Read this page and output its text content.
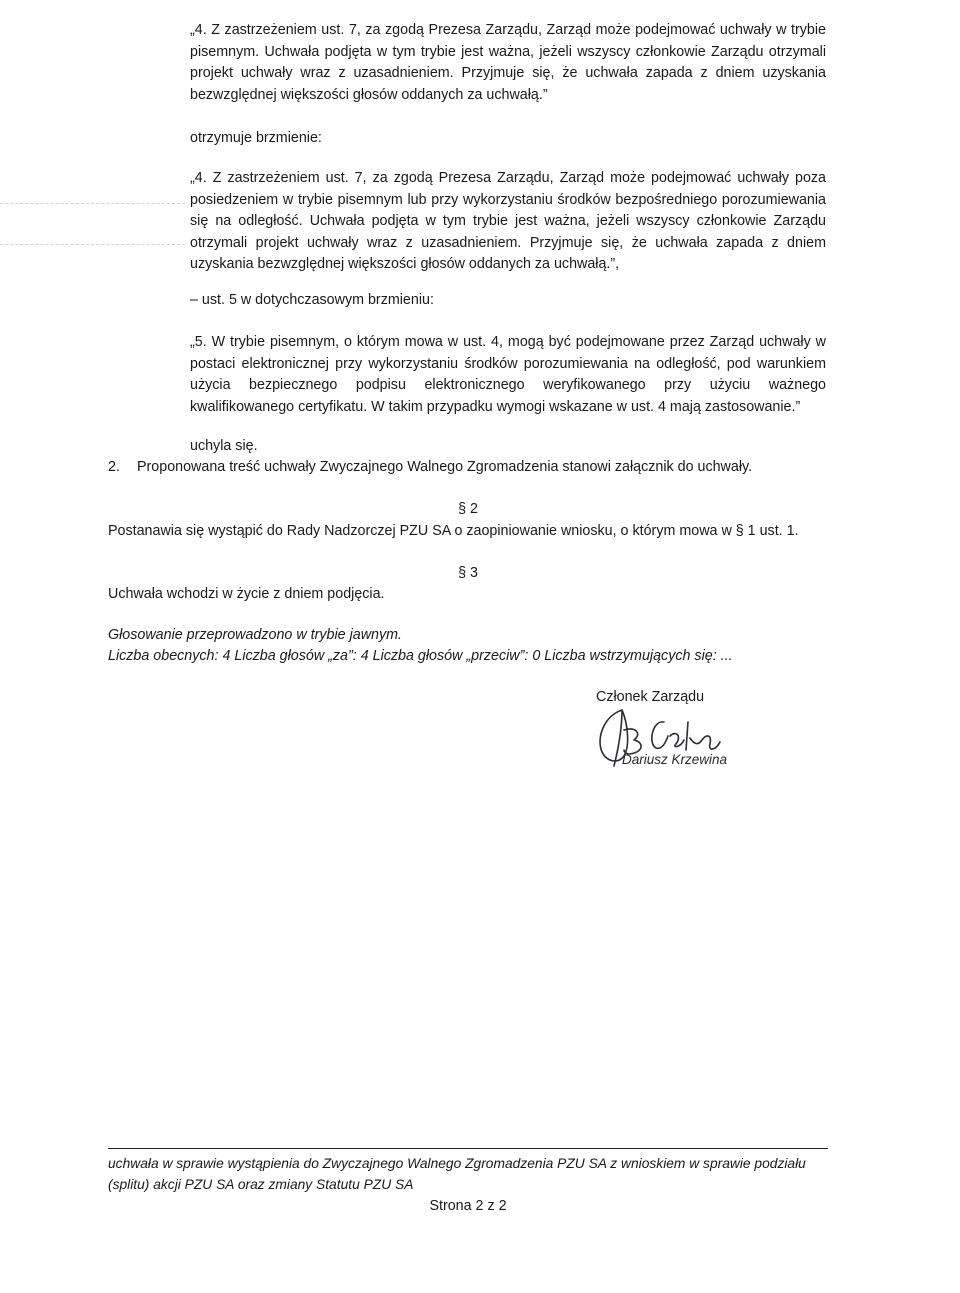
„4. Z zastrzeżeniem ust. 7, za zgodą Prezesa Zarządu, Zarząd może podejmować uchwały w trybie pisemnym. Uchwała podjęta w tym trybie jest ważna, jeżeli wszyscy członkowie Zarządu otrzymali projekt uchwały wraz z uzasadnieniem. Przyjmuje się, że uchwała zapada z dniem uzyskania bezwzględnej większości głosów oddanych za uchwałą.”

otrzymuje brzmienie:

„4. Z zastrzeżeniem ust. 7, za zgodą Prezesa Zarządu, Zarząd może podejmować uchwały poza posiedzeniem w trybie pisemnym lub przy wykorzystaniu środków bezpośredniego porozumiewania się na odległość. Uchwała podjęta w tym trybie jest ważna, jeżeli wszyscy członkowie Zarządu otrzymali projekt uchwały wraz z uzasadnieniem. Przyjmuje się, że uchwała zapada z dniem uzyskania bezwzględnej większości głosów oddanych za uchwałą.”,

– ust. 5 w dotychczasowym brzmieniu:

„5. W trybie pisemnym, o którym mowa w ust. 4, mogą być podejmowane przez Zarząd uchwały w postaci elektronicznej przy wykorzystaniu środków porozumiewania na odległość, pod warunkiem użycia bezpiecznego podpisu elektronicznego weryfikowanego przy użyciu ważnego kwalifikowanego certyfikatu. W takim przypadku wymogi wskazane w ust. 4 mają zastosowanie.”

uchyla się.

2. Proponowana treść uchwały Zwyczajnego Walnego Zgromadzenia stanowi załącznik do uchwały.

§ 2

Postanawia się wystąpić do Rady Nadzorczej PZU SA o zaopiniowanie wniosku, o którym mowa w § 1 ust. 1.

§ 3

Uchwała wchodzi w życie z dniem podjęcia.

Głosowanie przeprowadzono w trybie jawnym.

Liczba obecnych: 4 Liczba głosów „za”: 4 Liczba głosów „przeciw”: 0 Liczba wstrzymujących się: ...

Członek Zarządu

Dariusz Krzewina

uchwała w sprawie wystąpienia do Zwyczajnego Walnego Zgromadzenia PZU SA z wnioskiem w sprawie podziału (splitu) akcji PZU SA oraz zmiany Statutu PZU SA

Strona 2 z 2
